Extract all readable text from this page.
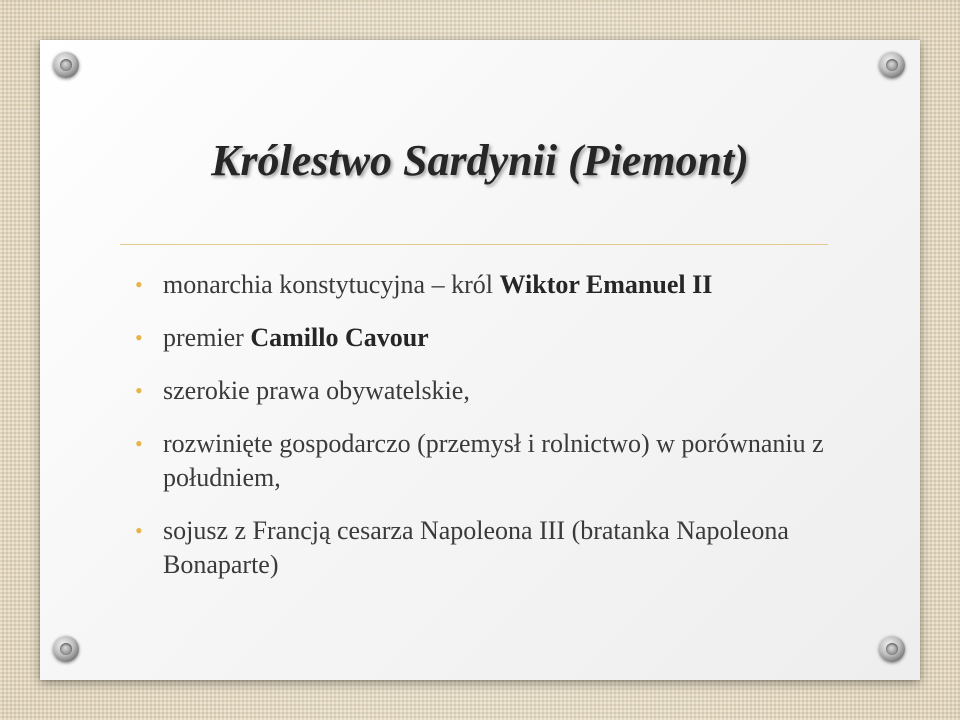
Królestwo Sardynii (Piemont)
• monarchia konstytucyjna – król Wiktor Emanuel II
• premier Camillo Cavour
• szerokie prawa obywatelskie,
• rozwinięte gospodarczo (przemysł i rolnictwo) w porównaniu z południem,
• sojusz z Francją cesarza Napoleona III (bratanka Napoleona Bonaparte)
